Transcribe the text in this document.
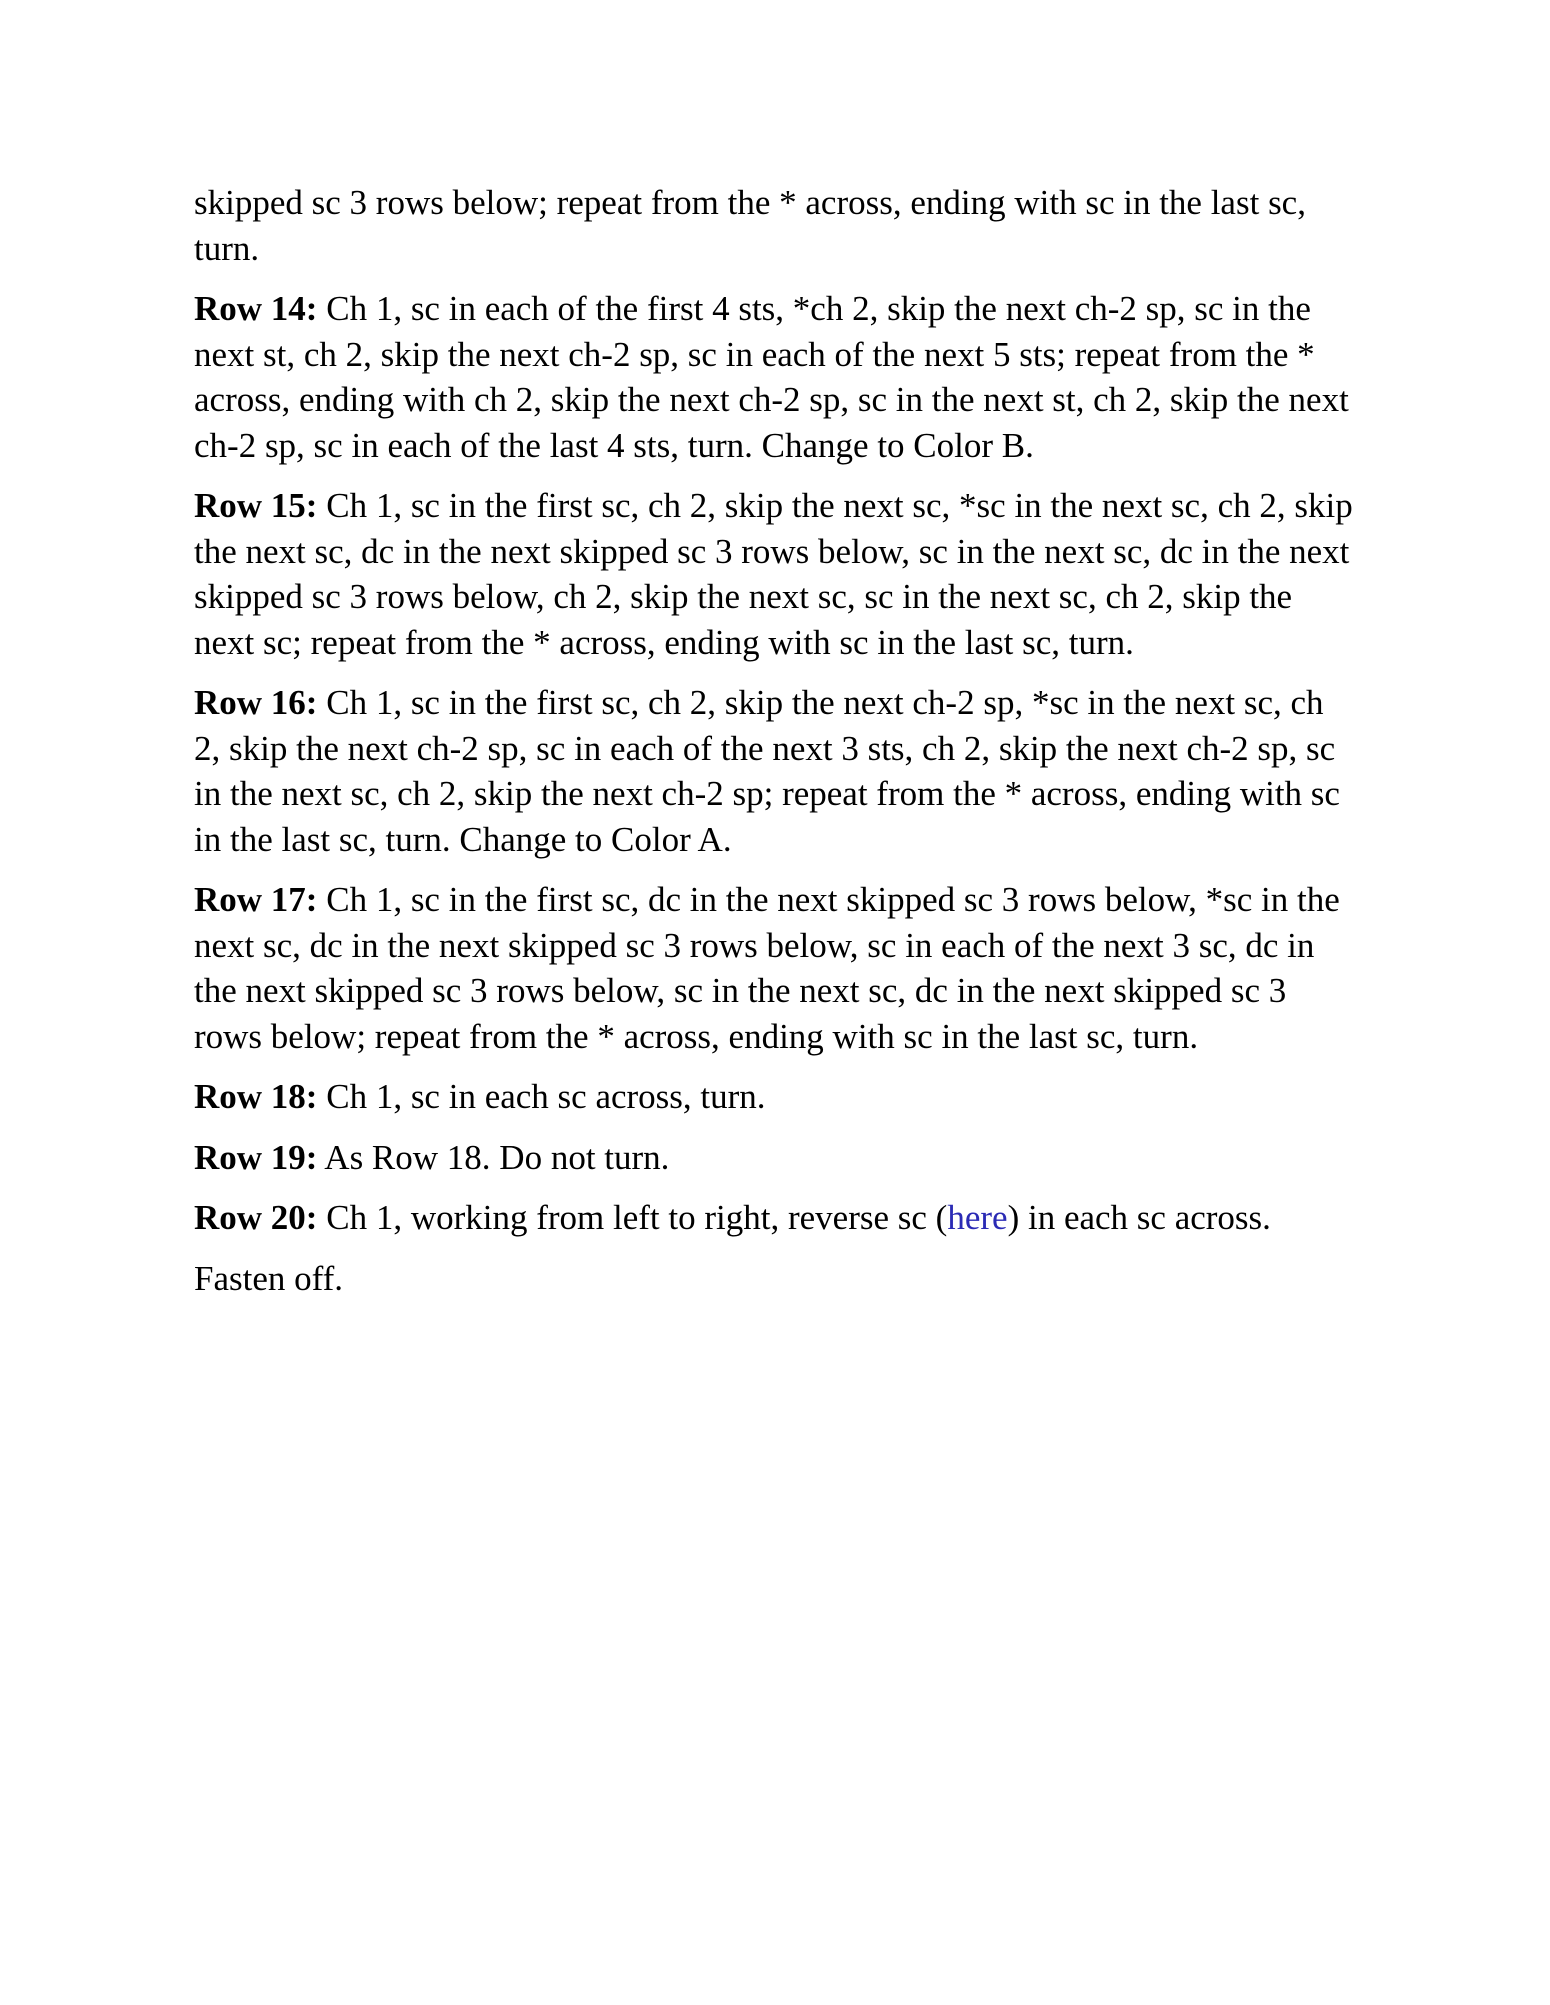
skipped sc 3 rows below; repeat from the * across, ending with sc in the last sc, turn.

Row 14: Ch 1, sc in each of the first 4 sts, *ch 2, skip the next ch-2 sp, sc in the next st, ch 2, skip the next ch-2 sp, sc in each of the next 5 sts; repeat from the * across, ending with ch 2, skip the next ch-2 sp, sc in the next st, ch 2, skip the next ch-2 sp, sc in each of the last 4 sts, turn. Change to Color B.

Row 15: Ch 1, sc in the first sc, ch 2, skip the next sc, *sc in the next sc, ch 2, skip the next sc, dc in the next skipped sc 3 rows below, sc in the next sc, dc in the next skipped sc 3 rows below, ch 2, skip the next sc, sc in the next sc, ch 2, skip the next sc; repeat from the * across, ending with sc in the last sc, turn.

Row 16: Ch 1, sc in the first sc, ch 2, skip the next ch-2 sp, *sc in the next sc, ch 2, skip the next ch-2 sp, sc in each of the next 3 sts, ch 2, skip the next ch-2 sp, sc in the next sc, ch 2, skip the next ch-2 sp; repeat from the * across, ending with sc in the last sc, turn. Change to Color A.

Row 17: Ch 1, sc in the first sc, dc in the next skipped sc 3 rows below, *sc in the next sc, dc in the next skipped sc 3 rows below, sc in each of the next 3 sc, dc in the next skipped sc 3 rows below, sc in the next sc, dc in the next skipped sc 3 rows below; repeat from the * across, ending with sc in the last sc, turn.

Row 18: Ch 1, sc in each sc across, turn.

Row 19: As Row 18. Do not turn.

Row 20: Ch 1, working from left to right, reverse sc (here) in each sc across.

Fasten off.
